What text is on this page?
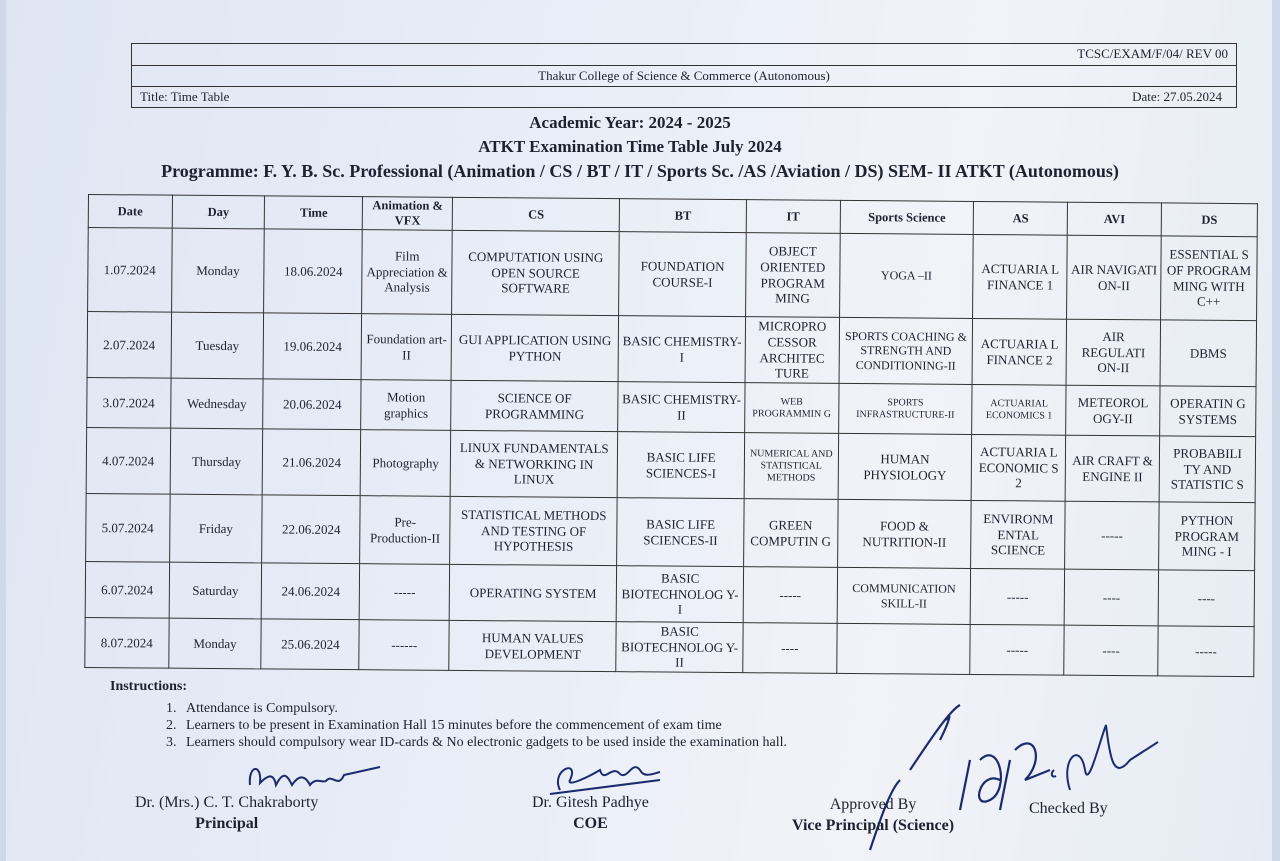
TCSC/EXAM/F/04/ REV 00
Thakur College of Science & Commerce (Autonomous)
Title: Time Table	Date: 27.05.2024
Academic Year: 2024 - 2025
ATKT Examination Time Table July 2024
Programme: F. Y. B. Sc. Professional (Animation / CS / BT / IT / Sports Sc. /AS /Aviation / DS) SEM- II ATKT (Autonomous)
Date	Day	Time	Animation & VFX	CS	BT	IT	Sports Science	AS	AVI	DS
1.07.2024	Monday	18.06.2024	Film Appreciation & Analysis	COMPUTATION USING OPEN SOURCE SOFTWARE	FOUNDATION COURSE-I	OBJECT ORIENTED PROGRAM MING	YOGA –II	ACTUARIA L FINANCE 1	AIR NAVIGATI ON-II	ESSENTIAL S OF PROGRAM MING WITH C++
2.07.2024	Tuesday	19.06.2024	Foundation art-II	GUI APPLICATION USING PYTHON	BASIC CHEMISTRY-I	MICROPRO CESSOR ARCHITEC TURE	SPORTS COACHING & STRENGTH AND CONDITIONING-II	ACTUARIA L FINANCE 2	AIR REGULATI ON-II	DBMS
3.07.2024	Wednesday	20.06.2024	Motion graphics	SCIENCE OF PROGRAMMING	BASIC CHEMISTRY-II	WEB PROGRAMMIN G	SPORTS INFRASTRUCTURE-II	ACTUARIAL ECONOMICS 1	METEOROL OGY-II	OPERATIN G SYSTEMS
4.07.2024	Thursday	21.06.2024	Photography	LINUX FUNDAMENTALS & NETWORKING IN LINUX	BASIC LIFE SCIENCES-I	NUMERICAL AND STATISTICAL METHODS	HUMAN PHYSIOLOGY	ACTUARIA L ECONOMIC S 2	AIR CRAFT & ENGINE II	PROBABILI TY AND STATISTIC S
5.07.2024	Friday	22.06.2024	Pre-Production-II	STATISTICAL METHODS AND TESTING OF HYPOTHESIS	BASIC LIFE SCIENCES-II	GREEN COMPUTIN G	FOOD & NUTRITION-II	ENVIRONM ENTAL SCIENCE	-----	PYTHON PROGRAM MING - I
6.07.2024	Saturday	24.06.2024	-----	OPERATING SYSTEM	BASIC BIOTECHNOLOG Y-I	-----	COMMUNICATION SKILL-II	-----	----	----
8.07.2024	Monday	25.06.2024	------	HUMAN VALUES DEVELOPMENT	BASIC BIOTECHNOLOG Y-II	----		-----	----	-----
Instructions:
1. Attendance is Compulsory.
2. Learners to be present in Examination Hall 15 minutes before the commencement of exam time
3. Learners should compulsory wear ID-cards & No electronic gadgets to be used inside the examination hall.
Dr. (Mrs.) C. T. Chakraborty
Principal
Dr. Gitesh Padhye
COE
Approved By
Vice Principal (Science)
Checked By
